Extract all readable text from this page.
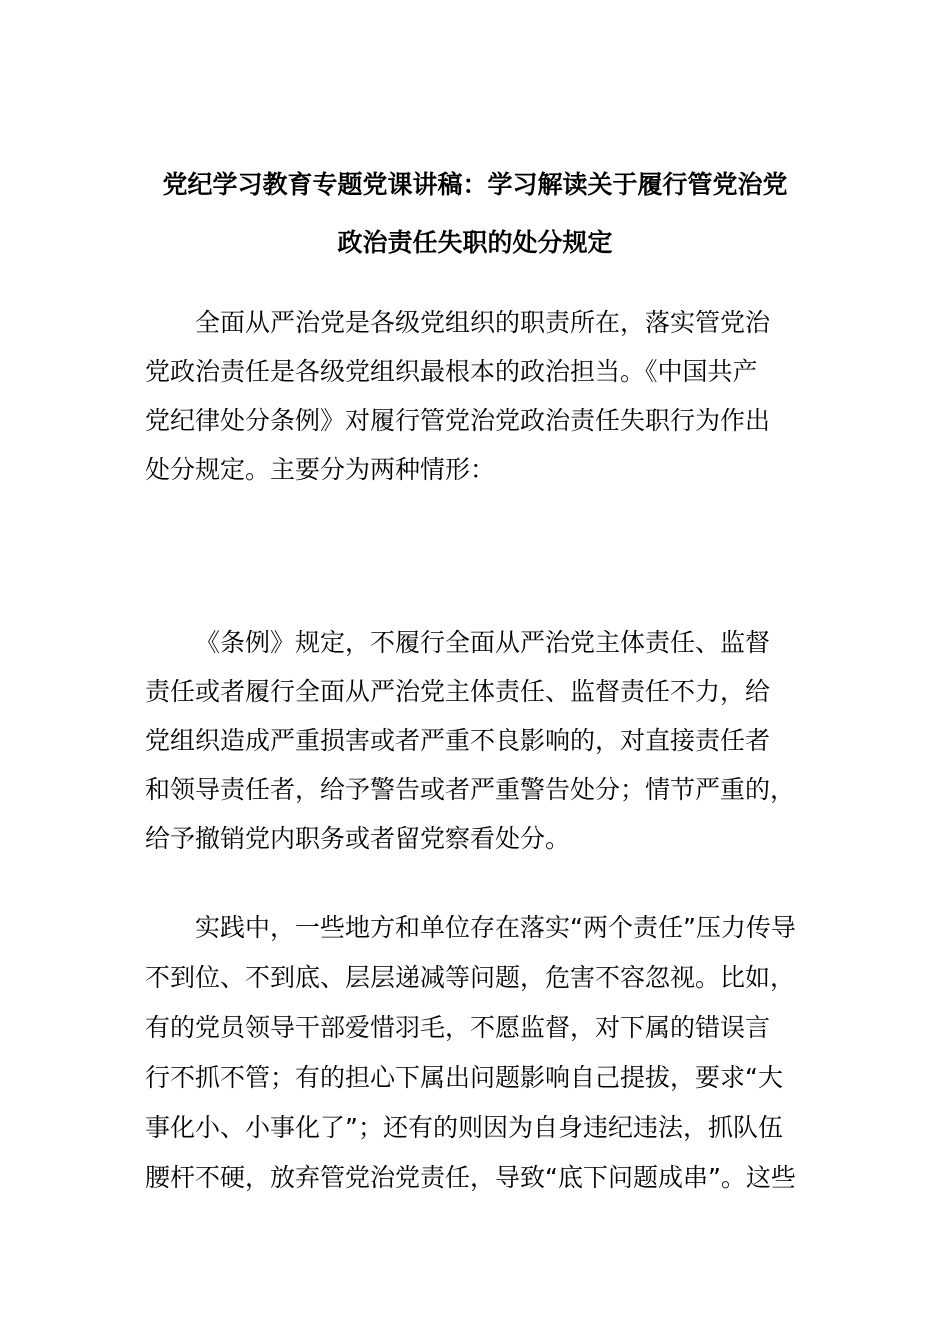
党纪学习教育专题党课讲稿：学习解读关于履行管党治党
政治责任失职的处分规定
全面从严治党是各级党组织的职责所在，落实管党治
党政治责任是各级党组织最根本的政治担当。《中国共产
党纪律处分条例》对履行管党治党政治责任失职行为作出
处分规定。主要分为两种情形：
《条例》规定，不履行全面从严治党主体责任、监督
责任或者履行全面从严治党主体责任、监督责任不力，给
党组织造成严重损害或者严重不良影响的，对直接责任者
和领导责任者，给予警告或者严重警告处分；情节严重的，
给予撤销党内职务或者留党察看处分。
实践中，一些地方和单位存在落实“两个责任”压力传导
不到位、不到底、层层递减等问题，危害不容忽视。比如，
有的党员领导干部爱惜羽毛，不愿监督，对下属的错误言
行不抓不管；有的担心下属出问题影响自己提拔，要求“大
事化小、小事化了”；还有的则因为自身违纪违法，抓队伍
腰杆不硬，放弃管党治党责任，导致“底下问题成串”。这些
